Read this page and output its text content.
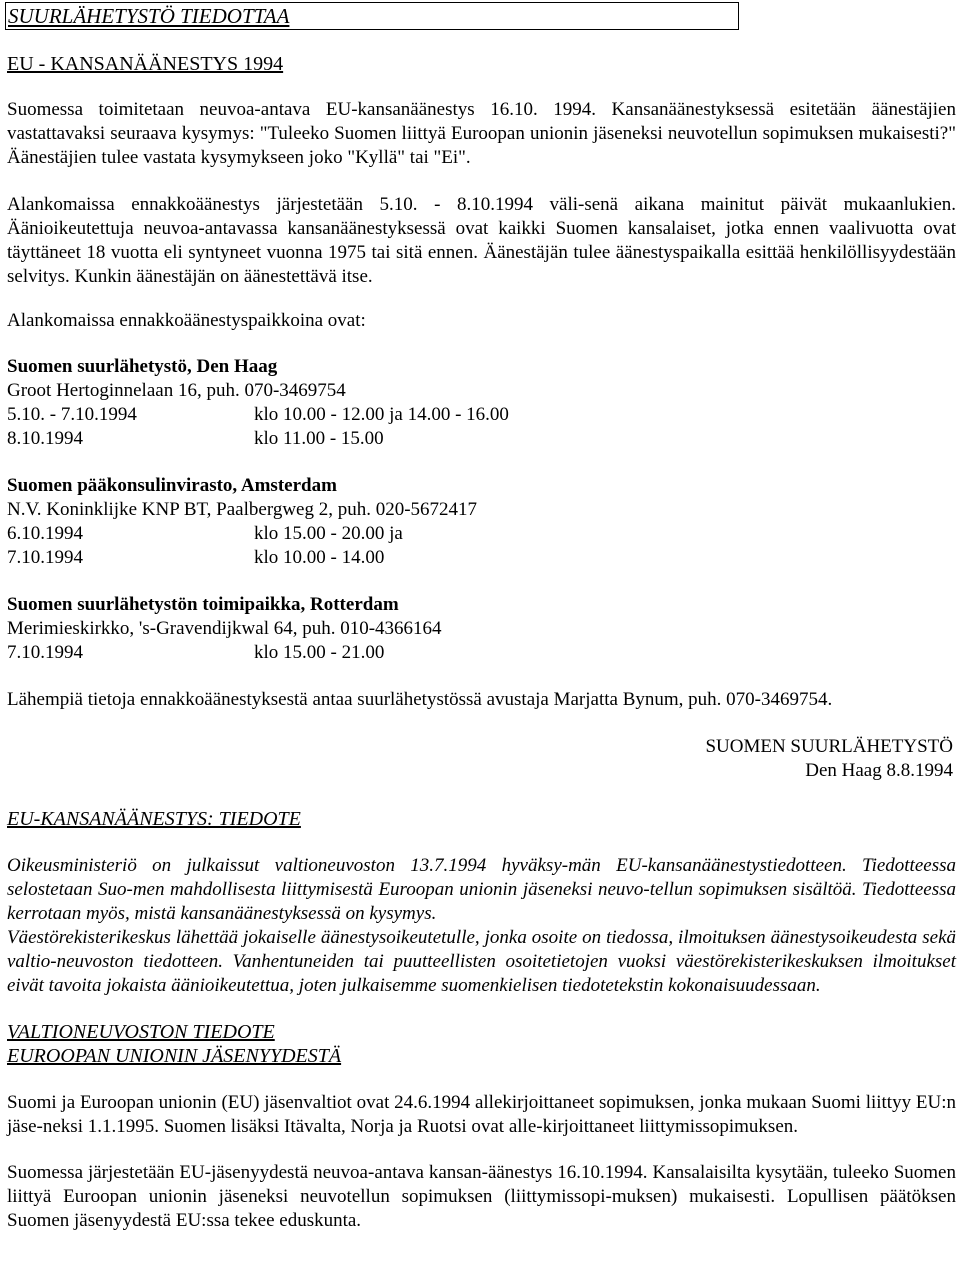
SUURLÄHETYSTÖ TIEDOTTAA
EU - KANSANÄÄNESTYS 1994

Suomessa toimitetaan neuvoa-antava EU-kansanäänestys 16.10. 1994. Kansanäänestyksessä esitetään äänestäjien vastattavaksi seuraava kysymys: "Tuleeko Suomen liittyä Euroopan unionin jäseneksi neuvotellun sopimuksen mukaisesti?" Äänestäjien tulee vastata kysymykseen joko "Kyllä" tai "Ei".

Alankomaissa ennakkoäänestys järjestetään 5.10. - 8.10.1994 väli-senä aikana mainitut päivät mukaanlukien. Äänioikeutettuja neuvoa-antavassa kansanäänestyksessä ovat kaikki Suomen kansalaiset, jotka ennen vaalivuotta ovat täyttäneet 18 vuotta eli syntyneet vuonna 1975 tai sitä ennen. Äänestäjän tulee äänestyspaikalla esittää henkilöllisyydestään selvitys. Kunkin äänestäjän on äänestettävä itse.

Alankomaissa ennakkoäänestyspaikkoina ovat:

Suomen suurlähetystö, Den Haag
Groot Hertoginnelaan 16, puh. 070-3469754
5.10. - 7.10.1994	klo 10.00 - 12.00 ja 14.00 - 16.00
8.10.1994	klo 11.00 - 15.00
Suomen pääkonsulinvirasto, Amsterdam
N.V. Koninklijke KNP BT, Paalbergweg 2, puh. 020-5672417
6.10.1994	klo 15.00 - 20.00 ja
7.10.1994	klo 10.00 - 14.00
Suomen suurlähetystön toimipaikka, Rotterdam
Merimieskirkko, 's-Gravendijkwal 64, puh. 010-4366164
7.10.1994	klo 15.00 - 21.00

Lähempiä tietoja ennakkoäänestyksestä antaa suurlähetystössä avustaja Marjatta Bynum, puh. 070-3469754.

SUOMEN SUURLÄHETYSTÖ
Den Haag 8.8.1994
EU-KANSANÄÄNESTYS: TIEDOTE

Oikeusministeriö on julkaissut valtioneuvoston 13.7.1994 hyväksy-män EU-kansanäänestystiedotteen. Tiedotteessa selostetaan Suo-men mahdollisesta liittymisestä Euroopan unionin jäseneksi neuvo-tellun sopimuksen sisältöä. Tiedotteessa kerrotaan myös, mistä kansanäänestyksessä on kysymys.

Väestörekisterikeskus lähettää jokaiselle äänestysoikeutetulle, jonka osoite on tiedossa, ilmoituksen äänestysoikeudesta sekä valtio-neuvoston tiedotteen. Vanhentuneiden tai puutteellisten osoitetietojen vuoksi väestörekisterikeskuksen ilmoitukset eivät tavoita jokaista äänioikeutettua, joten julkaisemme suomenkielisen tiedotetekstin kokonaisuudessaan.

VALTIONEUVOSTON TIEDOTE
EUROOPAN UNIONIN JÄSENYYDESTÄ

Suomi ja Euroopan unionin (EU) jäsenvaltiot ovat 24.6.1994 allekirjoittaneet sopimuksen, jonka mukaan Suomi liittyy EU:n jäse-neksi 1.1.1995. Suomen lisäksi Itävalta, Norja ja Ruotsi ovat alle-kirjoittaneet liittymissopimuksen.

Suomessa järjestetään EU-jäsenyydestä neuvoa-antava kansan-äänestys 16.10.1994. Kansalaisilta kysytään, tuleeko Suomen liittyä Euroopan unionin jäseneksi neuvotellun sopimuksen (liittymissopi-muksen) mukaisesti. Lopullisen päätöksen Suomen jäsenyydestä EU:ssa tekee eduskunta.
